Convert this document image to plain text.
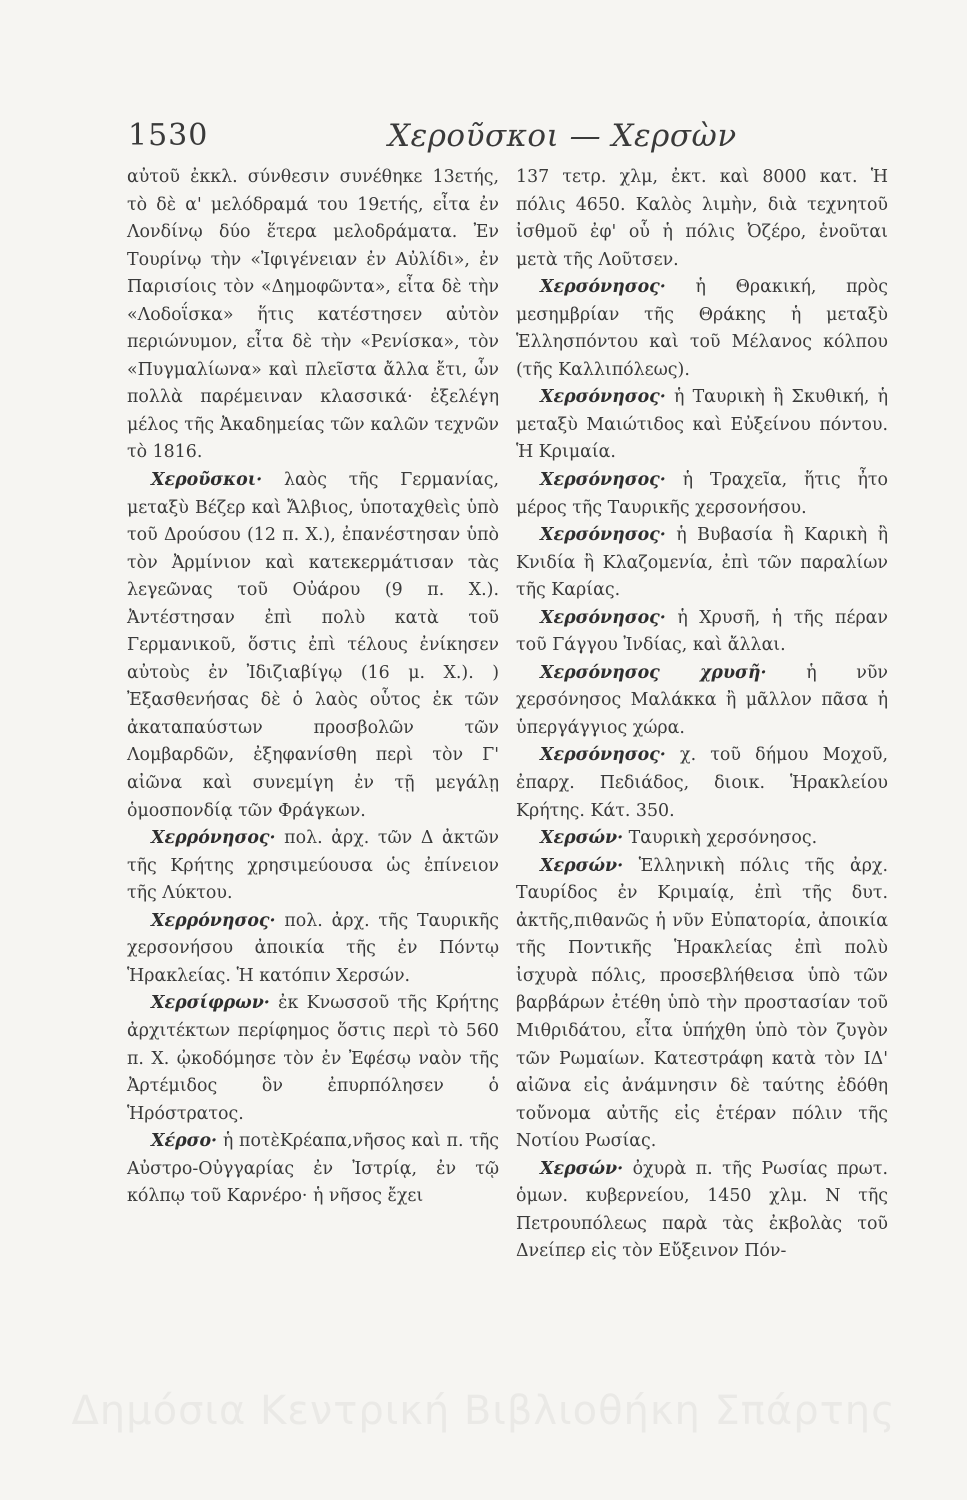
1530	Χεροῦσκοι — Χερσὼν

αὐτοῦ ἐκκλ. σύνθεσιν συνέθηκε 13ετής, τὸ δὲ α' μελόδραμά του 19ετής, εἶτα ἐν Λονδίνῳ δύο ἕτερα μελοδράματα. Ἐν Τουρίνῳ τὴν «Ἰφιγένειαν ἐν Αὐλίδι», ἐν Παρισίοις τὸν «Δημοφῶντα», εἶτα δὲ τὴν «Λοδοΐσκα» ἥτις κατέστησεν αὐτὸν περιώνυμον, εἶτα δὲ τὴν «Ρενίσκα», τὸν «Πυγμαλίωνα» καὶ πλεῖστα ἄλλα ἔτι, ὧν πολλὰ παρέμειναν κλασσικά· ἐξελέγη μέλος τῆς Ἀκαδημείας τῶν καλῶν τεχνῶν τὸ 1816.

Χεροῦσκοι· λαὸς τῆς Γερμανίας, μεταξὺ Βέζερ καὶ Ἄλβιος, ὑποταχθεὶς ὑπὸ τοῦ Δρούσου (12 π. Χ.), ἐπανέστησαν ὑπὸ τὸν Ἀρμίνιον καὶ κατεκερμάτισαν τὰς λεγεῶνας τοῦ Οὐάρου (9 π. Χ.). Ἀντέστησαν ἐπὶ πολὺ κατὰ τοῦ Γερμανικοῦ, ὅστις ἐπὶ τέλους ἐνίκησεν αὐτοὺς ἐν Ἰδιζιαβίγῳ (16 μ. Χ.). ) Ἐξασθενήσας δὲ ὁ λαὸς οὗτος ἐκ τῶν ἀκαταπαύστων προσβολῶν τῶν Λομβαρδῶν, ἐξηφανίσθη περὶ τὸν Γ' αἰῶνα καὶ συνεμίγη ἐν τῇ μεγάλῃ ὁμοσπονδίᾳ τῶν Φράγκων.

Χερρόνησος· πολ. ἀρχ. τῶν Δ ἀκτῶν τῆς Κρήτης χρησιμεύουσα ὡς ἐπίνειον τῆς Λύκτου.

Χερρόνησος· πολ. ἀρχ. τῆς Ταυρικῆς χερσονήσου ἀποικία τῆς ἐν Πόντῳ Ἡρακλείας. Ἡ κατόπιν Χερσών.

Χερσίφρων· ἐκ Κνωσσοῦ τῆς Κρήτης ἀρχιτέκτων περίφημος ὅστις περὶ τὸ 560 π. Χ. ᾠκοδόμησε τὸν ἐν Ἐφέσῳ ναὸν τῆς Ἀρτέμιδος ὃν ἐπυρπόλησεν ὁ Ἡρόστρατος.

Χέρσο· ἡ ποτὲΚρέαπα,νῆσος καὶ π. τῆς Αὐστρο-Οὐγγαρίας ἐν Ἰστρίᾳ, ἐν τῷ κόλπῳ τοῦ Καρνέρο· ἡ νῆσος ἔχει

137 τετρ. χλμ, ἐκτ. καὶ 8000 κατ. Ἡ πόλις 4650. Καλὸς λιμὴν, διὰ τεχνητοῦ ἰσθμοῦ ἐφ' οὗ ἡ πόλις Ὀζέρο, ἑνοῦται μετὰ τῆς Λοῦτσεν.

Χερσόνησος· ἡ Θρακική, πρὸς μεσημβρίαν τῆς Θράκης ἡ μεταξὺ Ἑλλησπόντου καὶ τοῦ Μέλανος κόλπου (τῆς Καλλιπόλεως).

Χερσόνησος· ἡ Ταυρικὴ ἢ Σκυθική, ἡ μεταξὺ Μαιώτιδος καὶ Εὐξείνου πόντου. Ἡ Κριμαία.

Χερσόνησος· ἡ Τραχεῖα, ἥτις ἦτο μέρος τῆς Ταυρικῆς χερσονήσου.

Χερσόνησος· ἡ Βυβασία ἢ Καρικὴ ἢ Κνιδία ἢ Κλαζομενία, ἐπὶ τῶν παραλίων τῆς Καρίας.

Χερσόνησος· ἡ Χρυσῆ, ἡ τῆς πέραν τοῦ Γάγγου Ἰνδίας, καὶ ἄλλαι.

Χερσόνησος χρυσῆ· ἡ νῦν χερσόνησος Μαλάκκα ἢ μᾶλλον πᾶσα ἡ ὑπεργάγγιος χώρα.

Χερσόνησος· χ. τοῦ δήμου Μοχοῦ, ἐπαρχ. Πεδιάδος, διοικ. Ἡρακλείου Κρήτης. Κάτ. 350.

Χερσών· Ταυρικὴ χερσόνησος.

Χερσών· Ἑλληνικὴ πόλις τῆς ἀρχ. Ταυρίδος ἐν Κριμαίᾳ, ἐπὶ τῆς δυτ. ἀκτῆς,πιθανῶς ἡ νῦν Εὐπατορία, ἀποικία τῆς Ποντικῆς Ἡρακλείας ἐπὶ πολὺ ἰσχυρὰ πόλις, προσεβλήθεισα ὑπὸ τῶν βαρβάρων ἐτέθη ὑπὸ τὴν προστασίαν τοῦ Μιθριδάτου, εἶτα ὑπήχθη ὑπὸ τὸν ζυγὸν τῶν Ρωμαίων. Κατεστράφη κατὰ τὸν ΙΔ' αἰῶνα εἰς ἀνάμνησιν δὲ ταύτης ἐδόθη τοὔνομα αὐτῆς εἰς ἑτέραν πόλιν τῆς Νοτίου Ρωσίας.

Χερσών· ὀχυρὰ π. τῆς Ρωσίας πρωτ. ὁμων. κυβερνείου, 1450 χλμ. Ν τῆς Πετρουπόλεως παρὰ τὰς ἐκβολὰς τοῦ Δνείπερ εἰς τὸν Εὔξεινον Πόν-

Δημόσια Κεντρική Βιβλιοθήκη Σπάρτης
